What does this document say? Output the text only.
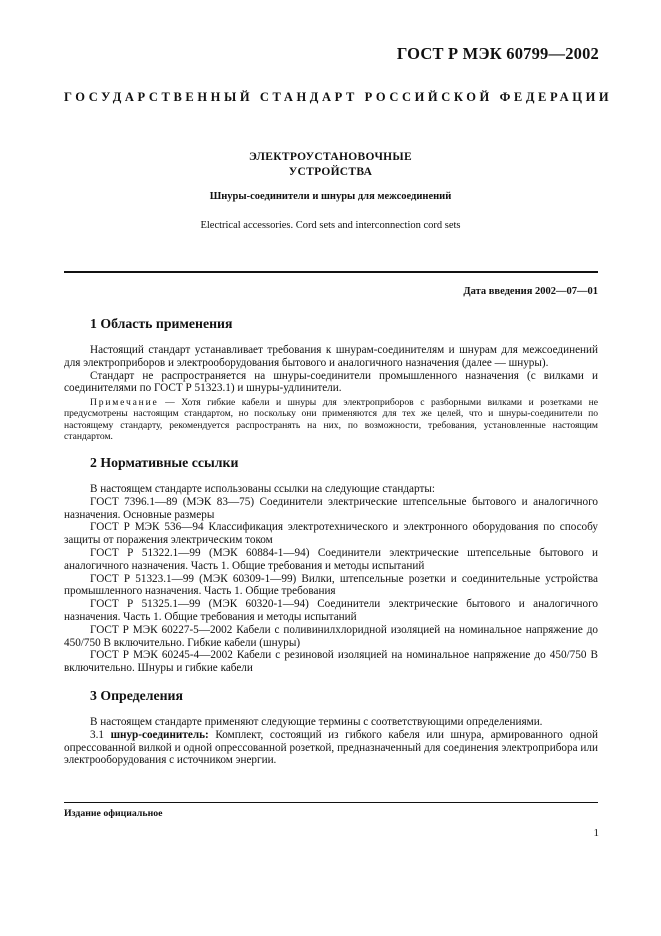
ГОСТ Р МЭК 60799—2002
ГОСУДАРСТВЕННЫЙ СТАНДАРТ РОССИЙСКОЙ ФЕДЕРАЦИИ
ЭЛЕКТРОУСТАНОВОЧНЫЕ
УСТРОЙСТВА
Шнуры-соединители и шнуры для межсоединений
Electrical accessories. Cord sets and interconnection cord sets
Дата введения 2002—07—01
1 Область применения

Настоящий стандарт устанавливает требования к шнурам-соединителям и шнурам для межсоединений для электроприборов и электрооборудования бытового и аналогичного назначения (далее — шнуры).

Стандарт не распространяется на шнуры-соединители промышленного назначения (с вилками и соединителями по ГОСТ Р 51323.1) и шнуры-удлинители.

Примечание — Хотя гибкие кабели и шнуры для электроприборов с разборными вилками и розетками не предусмотрены настоящим стандартом, но поскольку они применяются для тех же целей, что и шнуры-соединители по настоящему стандарту, рекомендуется распространять на них, по возможности, требования, установленные настоящим стандартом.

2 Нормативные ссылки

В настоящем стандарте использованы ссылки на следующие стандарты:

ГОСТ 7396.1—89 (МЭК 83—75) Соединители электрические штепсельные бытового и аналогичного назначения. Основные размеры

ГОСТ Р МЭК 536—94 Классификация электротехнического и электронного оборудования по способу защиты от поражения электрическим током

ГОСТ Р 51322.1—99 (МЭК 60884-1—94) Соединители электрические штепсельные бытового и аналогичного назначения. Часть 1. Общие требования и методы испытаний

ГОСТ Р 51323.1—99 (МЭК 60309-1—99) Вилки, штепсельные розетки и соединительные устройства промышленного назначения. Часть 1. Общие требования

ГОСТ Р 51325.1—99 (МЭК 60320-1—94) Соединители электрические бытового и аналогичного назначения. Часть 1. Общие требования и методы испытаний

ГОСТ Р МЭК 60227-5—2002 Кабели с поливинилхлоридной изоляцией на номинальное напряжение до 450/750 В включительно. Гибкие кабели (шнуры)

ГОСТ Р МЭК 60245-4—2002 Кабели с резиновой изоляцией на номинальное напряжение до 450/750 В включительно. Шнуры и гибкие кабели

3 Определения

В настоящем стандарте применяют следующие термины с соответствующими определениями.

3.1 шнур-соединитель: Комплект, состоящий из гибкого кабеля или шнура, армированного одной опрессованной вилкой и одной опрессованной розеткой, предназначенный для соединения электроприбора или электрооборудования с источником энергии.

Издание официальное
1
